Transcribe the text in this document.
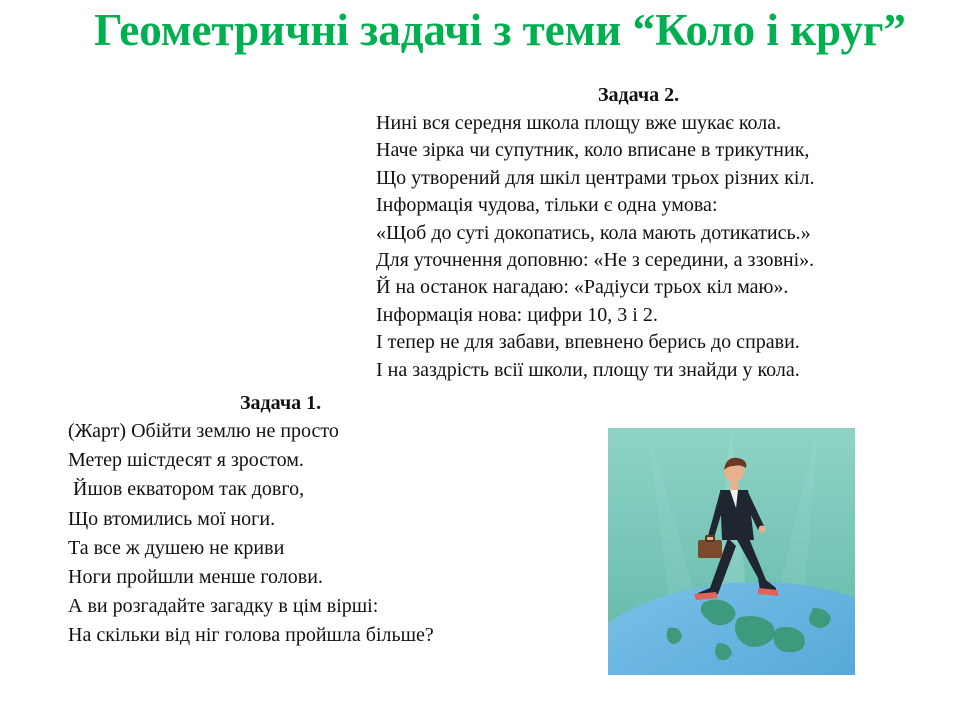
Геометричні задачі з теми “Коло і круг”
Задача 2.
Нині вся середня школа площу вже шукає кола.
Наче зірка чи супутник, коло вписане в трикутник,
Що утворений для шкіл центрами трьох різних кіл.
Інформація чудова, тільки є одна умова:
«Щоб до суті докопатись, кола мають дотикатись.»
Для уточнення доповню: «Не з середини, а ззовні».
Й на останок нагадаю: «Радіуси трьох кіл маю».
Інформація нова: цифри 10, 3 і 2.
І тепер не для забави, впевнено берись до справи.
І на заздрість всії школи, площу ти знайди у кола.
Задача 1.
(Жарт) Обійти землю не просто
Метер шістдесят я зростом.
Йшов екватором так довго,
Що втомились мої ноги.
Та все ж душею не криви
Ноги пройшли менше голови.
А ви розгадайте загадку в цім вірші:
На скільки від ніг голова пройшла більше?
